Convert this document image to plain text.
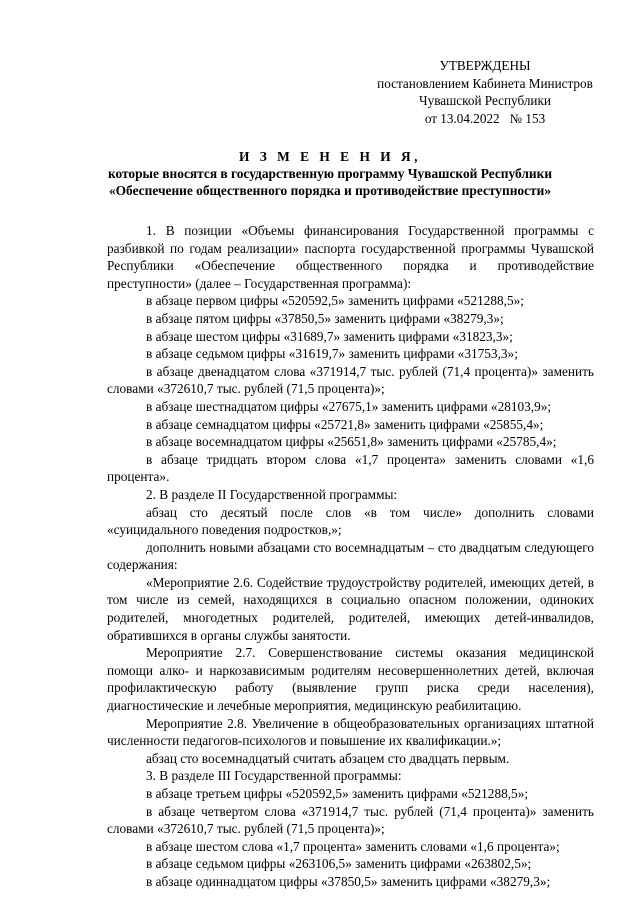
УТВЕРЖДЕНЫ
постановлением Кабинета Министров
Чувашской Республики
от 13.04.2022   № 153
И З М Е Н Е Н И Я,
которые вносятся в государственную программу Чувашской Республики
«Обеспечение общественного порядка и противодействие преступности»

1. В позиции «Объемы финансирования Государственной программы с разбивкой по годам реализации» паспорта государственной программы Чувашской Республики «Обеспечение общественного порядка и противодействие преступности» (далее – Государственная программа):

в абзаце первом цифры «520592,5» заменить цифрами «521288,5»;

в абзаце пятом цифры «37850,5» заменить цифрами «38279,3»;

в абзаце шестом цифры «31689,7» заменить цифрами «31823,3»;

в абзаце седьмом цифры «31619,7» заменить цифрами «31753,3»;

в абзаце двенадцатом слова «371914,7 тыс. рублей (71,4 процента)» заменить словами «372610,7 тыс. рублей (71,5 процента)»;

в абзаце шестнадцатом цифры «27675,1» заменить цифрами «28103,9»;

в абзаце семнадцатом цифры «25721,8» заменить цифрами «25855,4»;

в абзаце восемнадцатом цифры «25651,8» заменить цифрами «25785,4»;

в абзаце тридцать втором слова «1,7 процента» заменить словами «1,6 процента».

2. В разделе II Государственной программы:

абзац сто десятый после слов «в том числе» дополнить словами «суицидального поведения подростков,»;

дополнить новыми абзацами сто восемнадцатым – сто двадцатым следующего содержания:

«Мероприятие 2.6. Содействие трудоустройству родителей, имеющих детей, в том числе из семей, находящихся в социально опасном положении, одиноких родителей, многодетных родителей, родителей, имеющих детей-инвалидов, обратившихся в органы службы занятости.

Мероприятие 2.7. Совершенствование системы оказания медицинской помощи алко- и наркозависимым родителям несовершеннолетних детей, включая профилактическую работу (выявление групп риска среди населения), диагностические и лечебные мероприятия, медицинскую реабилитацию.

Мероприятие 2.8. Увеличение в общеобразовательных организациях штатной численности педагогов-психологов и повышение их квалификации.»;

абзац сто восемнадцатый считать абзацем сто двадцать первым.

3. В разделе III Государственной программы:

в абзаце третьем цифры «520592,5» заменить цифрами «521288,5»;

в абзаце четвертом слова «371914,7 тыс. рублей (71,4 процента)» заменить словами «372610,7 тыс. рублей (71,5 процента)»;

в абзаце шестом слова «1,7 процента» заменить словами «1,6 процента»;

в абзаце седьмом цифры «263106,5» заменить цифрами «263802,5»;

в абзаце одиннадцатом цифры «37850,5» заменить цифрами «38279,3»;
